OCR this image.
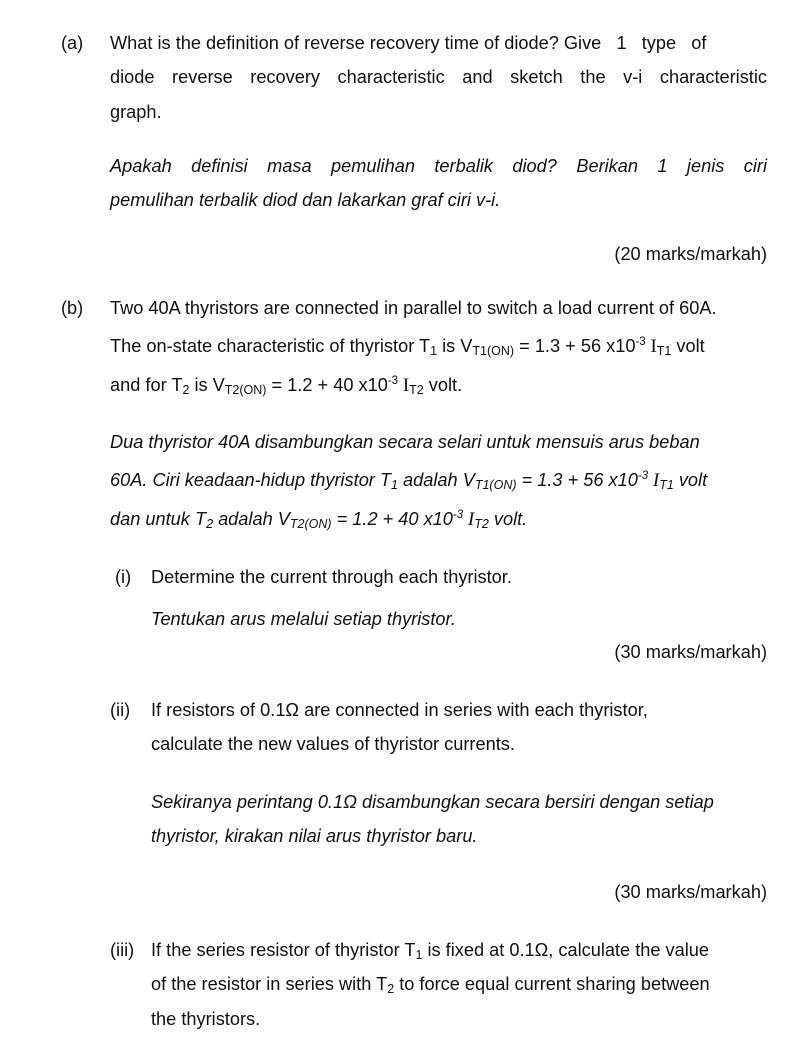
(a) What is the definition of reverse recovery time of diode? Give   1   type   of
diode reverse recovery characteristic and sketch the v-i characteristic
graph.
Apakah definisi masa pemulihan terbalik diod? Berikan 1 jenis ciri
pemulihan terbalik diod dan lakarkan graf ciri v-i.
(20 marks/markah)
(b) Two 40A thyristors are connected in parallel to switch a load current of 60A.
The on-state characteristic of thyristor $T_1$ is $V_{T1(ON)} = 1.3 + 56$ $x10^{-3}$ $I_{T1}$ volt
and for $T_2$ is $V_{T2(ON)} = 1.2 + 40$ $x10^{-3}$ $I_{T2}$ volt.
Dua thyristor 40A disambungkan secara selari untuk mensuis arus beban
60A. Ciri keadaan-hidup thyristor $T_1$ adalah $V_{T1(ON)} = 1.3 + 56$ $x10^{-3}$ $I_{T1}$ volt
dan untuk $T_2$ adalah $V_{T2(ON)} = 1.2 + 40$ $x10^{-3}$ $I_{T2}$ volt.
(i) Determine the current through each thyristor.
Tentukan arus melalui setiap thyristor.
(30 marks/markah)
(ii) If resistors of 0.1Ω are connected in series with each thyristor,
calculate the new values of thyristor currents.
Sekiranya perintang 0.1Ω disambungkan secara bersiri dengan setiap
thyristor, kirakan nilai arus thyristor baru.
(30 marks/markah)
(iii) If the series resistor of thyristor $T_1$ is fixed at 0.1Ω, calculate the value
of the resistor in series with $T_2$ to force equal current sharing between
the thyristors.
